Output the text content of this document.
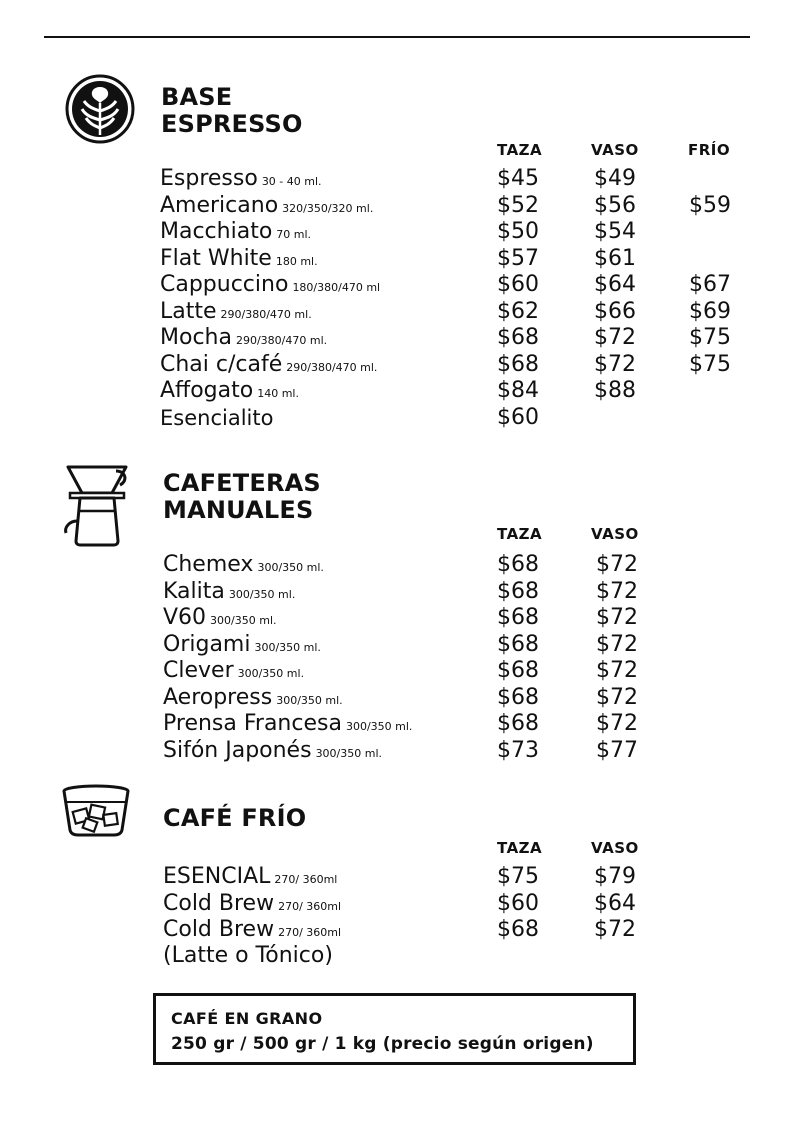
BASE
ESPRESSO
TAZA	VASO	FRÍO
Espresso 30 - 40 ml.	$45	$49
Americano 320/350/320 ml.	$52	$56 $59
Macchiato 70 ml.	$50	$54
Flat White 180 ml.	$57	$61
Cappuccino 180/380/470 ml	$60	$64 $67
Latte 290/380/470 ml.	$62	$66 $69
Mocha 290/380/470 ml.	$68	$72 $75
Chai c/café 290/380/470 ml.	$68	$72 $75
Affogato 140 ml.	$84	$88
Esencialito	$60
CAFETERAS
MANUALES
TAZA	VASO
Chemex 300/350 ml.	$68	$72
Kalita 300/350 ml.	$68	$72
V60 300/350 ml.	$68	$72
Origami 300/350 ml.	$68	$72
Clever 300/350 ml.	$68	$72
Aeropress 300/350 ml.	$68	$72
Prensa Francesa 300/350 ml.	$68	$72
Sifón Japonés 300/350 ml.	$73	$77
CAFÉ FRÍO
TAZA	VASO
ESENCIAL 270/ 360ml	$75	$79
Cold Brew 270/ 360ml	$60	$64
Cold Brew 270/ 360ml	$68	$72
(Latte o Tónico)
CAFÉ EN GRANO
250 gr / 500 gr / 1 kg (precio según origen)
